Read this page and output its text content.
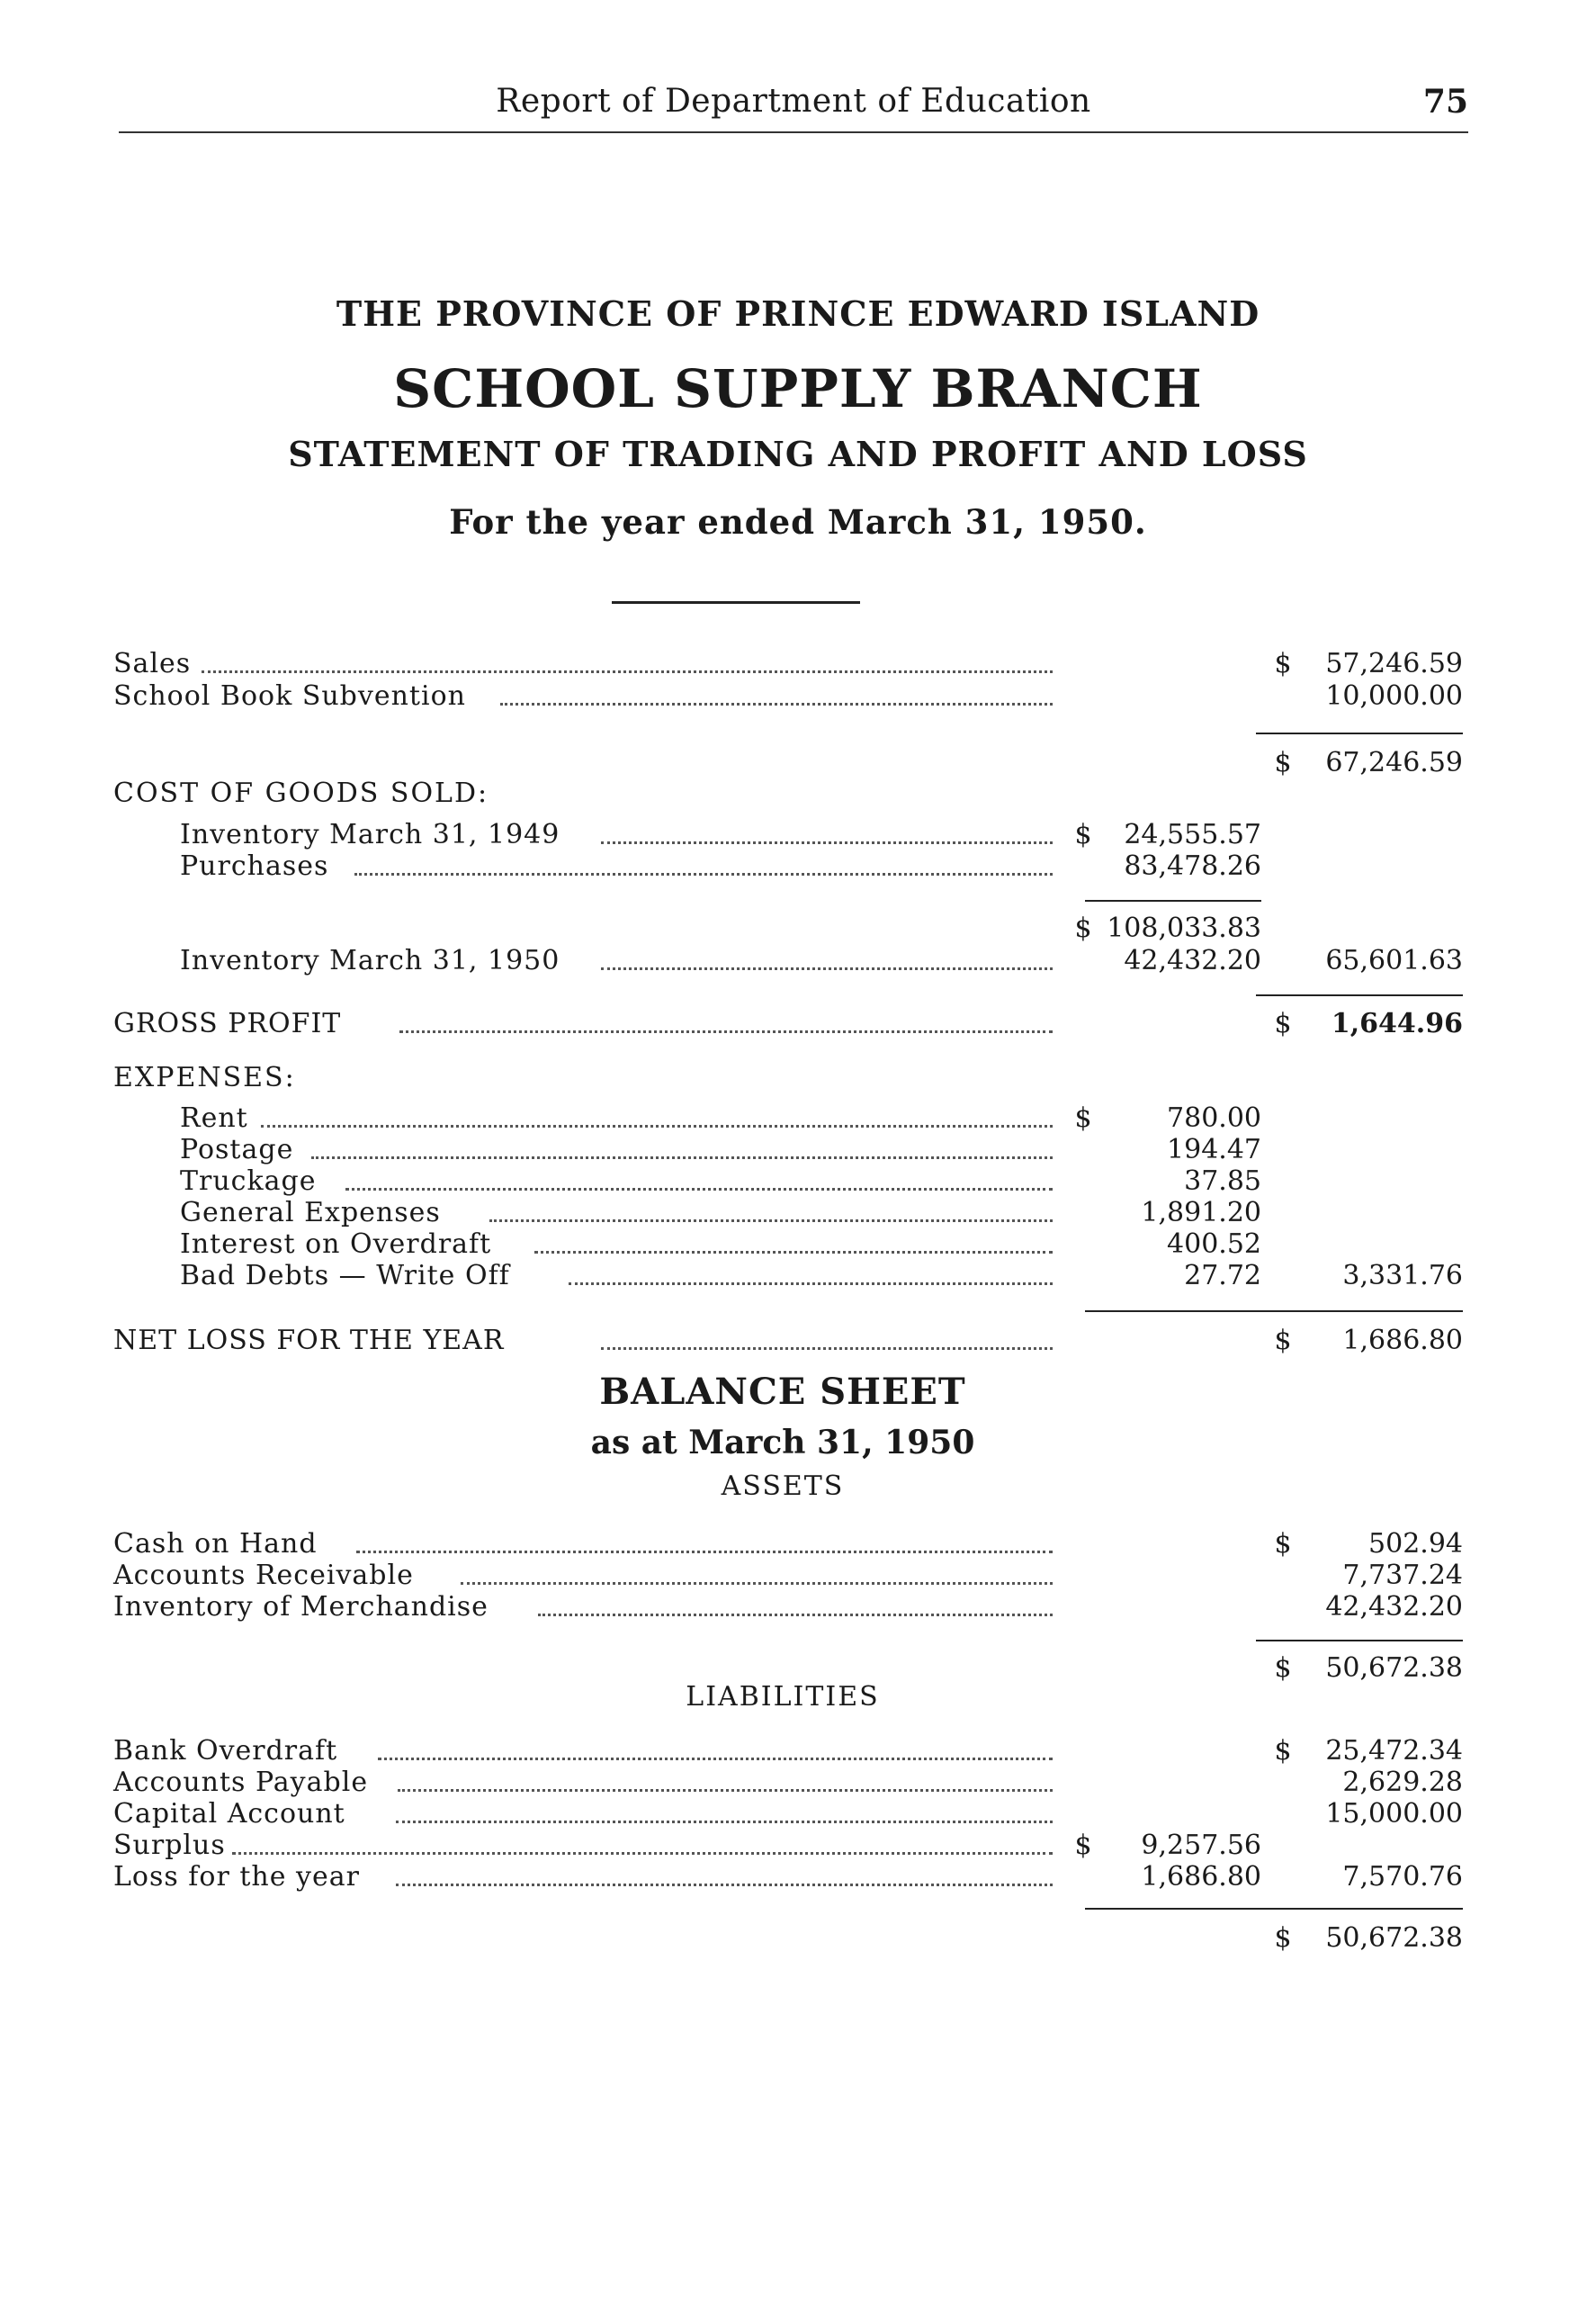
Report of Department of Education	75
THE PROVINCE OF PRINCE EDWARD ISLAND
SCHOOL SUPPLY BRANCH
STATEMENT OF TRADING AND PROFIT AND LOSS
For the year ended March 31, 1950.
Sales	$ 57,246.59
School Book Subvention	10,000.00
$ 67,246.59
COST OF GOODS SOLD:
Inventory March 31, 1949	$ 24,555.57
Purchases	83,478.26
$ 108,033.83
Inventory March 31, 1950	42,432.20 65,601.63
GROSS PROFIT	$ 1,644.96
EXPENSES:
Rent	$	780.00
Postage	194.47
Truckage	37.85
General Expenses	1,891.20
Interest on Overdraft	400.52
Bad Debts — Write Off	27.72	3,331.76
NET LOSS FOR THE YEAR	$ 1,686.80
BALANCE SHEET
as at March 31, 1950
ASSETS
Cash on Hand	$	502.94
Accounts Receivable	7,737.24
Inventory of Merchandise	42,432.20
$ 50,672.38
LIABILITIES
Bank Overdraft	$ 25,472.34
Accounts Payable	2,629.28
Capital Account	15,000.00
Surplus	$ 9,257.56
Loss for the year	1,686.80	7,570.76
$ 50,672.38
